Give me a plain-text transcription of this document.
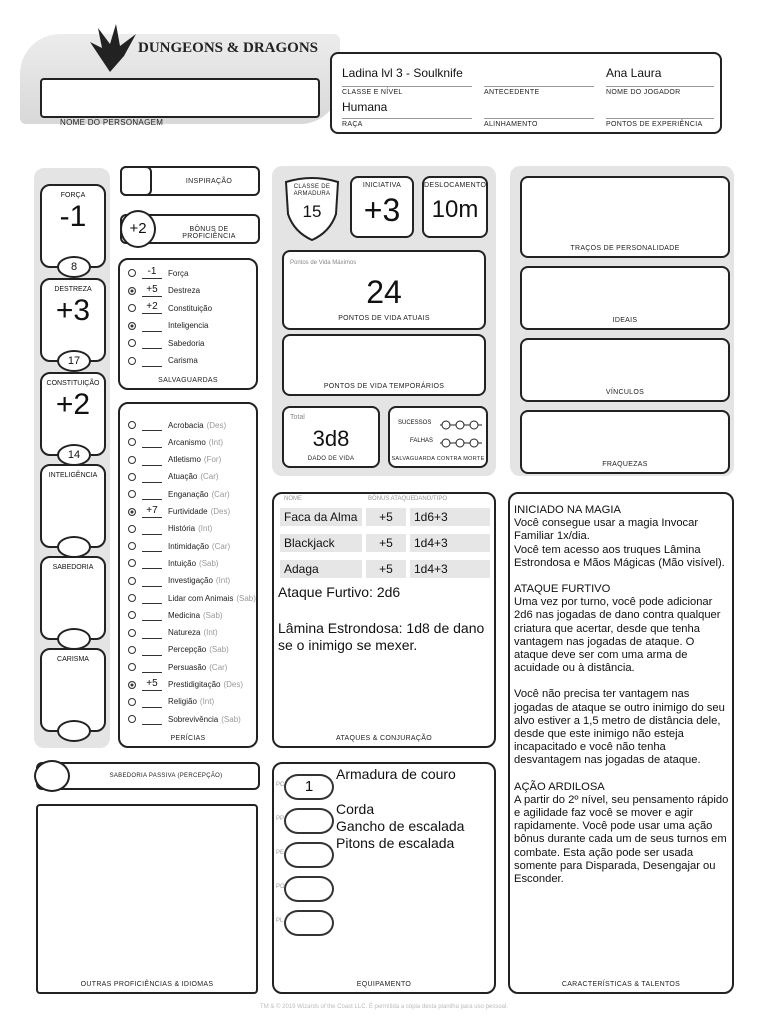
DUNGEONS & DRAGONS
NOME DO PERSONAGEM
Ladina lvl 3 - Soulknife
CLASSE E NÍVEL	ANTECEDENTE
Ana Laura
NOME DO JOGADOR
Humana
RAÇA	ALINHAMENTO	PONTOS DE EXPERIÊNCIA
FORÇA
-1
8
DESTREZA
+3
17
CONSTITUIÇÃO
+2
14
INTELIGÊNCIA
SABEDORIA
CARISMA
INSPIRAÇÃO
+2	BÔNUS DE PROFICIÊNCIA
-1	Força
+5	Destreza
+2	Constituição
Inteligencia
Sabedoria
Carisma
SALVAGUARDAS
Acrobacia (Des)
Arcanismo (Int)
Atletismo (For)
Atuação (Car)
Enganação (Car)
+7	Furtividade (Des)
História (Int)
Intimidação (Car)
Intuição (Sab)
Investigação (Int)
Lidar com Animais (Sab)
Medicina (Sab)
Natureza (Int)
Percepção (Sab)
Persuasão (Car)
+5	Prestidigitação (Des)
Religião (Int)
Sobrevivência (Sab)
PERÍCIAS
SABEDORIA PASSIVA (PERCEPÇÃO)
OUTRAS PROFICIÊNCIAS & IDIOMAS
CLASSE DE ARMADURA
15
INICIATIVA
+3
DESLOCAMENTO
10m
Pontos de Vida Máximos
24
PONTOS DE VIDA ATUAIS
PONTOS DE VIDA TEMPORÁRIOS
Total
3d8
DADO DE VIDA
SUCESSOS
FALHAS
SALVAGUARDA CONTRA MORTE
NOME	BÔNUS ATAQUE DANO/TIPO
Faca da Alma	+5	1d6+3
Blackjack	+5	1d4+3
Adaga	+5	1d4+3
Ataque Furtivo: 2d6
Lâmina Estrondosa: 1d8 de dano se o inimigo se mexer.
ATAQUES & CONJURAÇÃO
PC	1
PP
PE
PO
PL

Armadura de couro

Corda

Gancho de escalada

Pitons de escalada

EQUIPAMENTO
TRAÇOS DE PERSONALIDADE
IDEAIS
VÍNCULOS
FRAQUEZAS

INICIADO NA MAGIA

Você consegue usar a magia Invocar Familiar 1x/dia.

Você tem acesso aos truques Lâmina Estrondosa e Mãos Mágicas (Mão visível).

ATAQUE FURTIVO

Uma vez por turno, você pode adicionar 2d6 nas jogadas de dano contra qualquer criatura que acertar, desde que tenha vantagem nas jogadas de ataque. O ataque deve ser com uma arma de acuidade ou à distância.

Você não precisa ter vantagem nas jogadas de ataque se outro inimigo do seu alvo estiver a 1,5 metro de distância dele, desde que este inimigo não esteja incapacitado e você não tenha desvantagem nas jogadas de ataque.

AÇÃO ARDILOSA

A partir do 2º nível, seu pensamento rápido e agilidade faz você se mover e agir rapidamente. Você pode usar uma ação bônus durante cada um de seus turnos em combate. Esta ação pode ser usada somente para Disparada, Desengajar ou Esconder.

CARACTERÍSTICAS & TALENTOS
TM & © 2019 Wizards of the Coast LLC. É permitida a cópia desta planilha para uso pessoal.
